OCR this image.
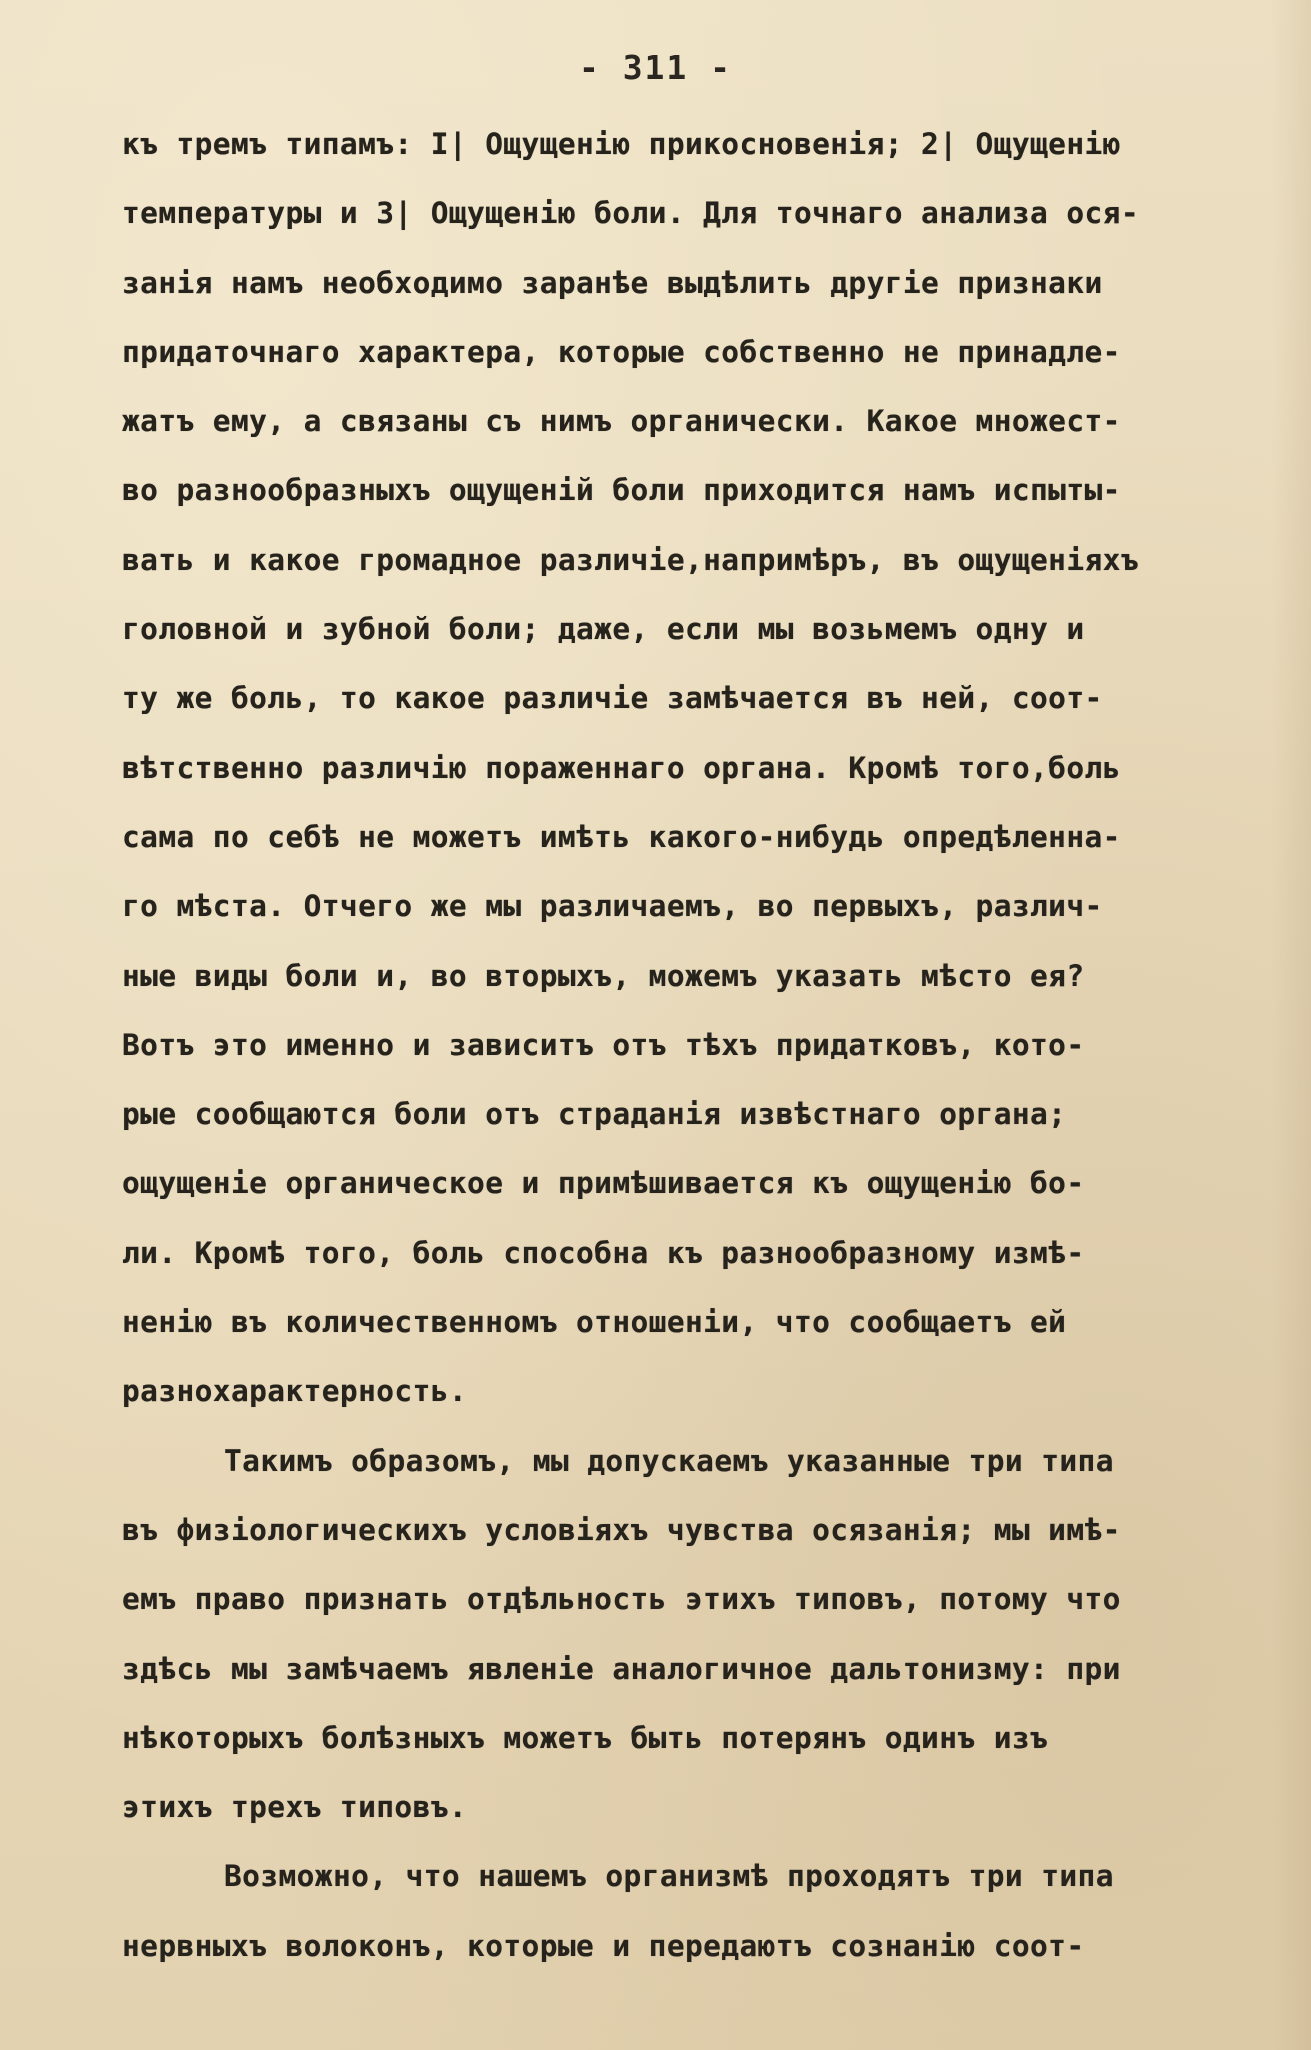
- 311 -
къ тремъ типамъ: I| Ощущенію прикосновенія; 2| Ощущенію
температуры и 3| Ощущенію боли. Для точнаго анализа ося-
занія намъ необходимо заранѣе выдѣлить другіе признаки
придаточнаго характера, которые собственно не принадле-
жатъ ему, а связаны съ нимъ органически. Какое множест-
во разнообразныхъ ощущеній боли приходится намъ испыты-
вать и какое громадное различіе,напримѣръ, въ ощущеніяхъ
головной и зубной боли; даже, если мы возьмемъ одну и
ту же боль, то какое различіе замѣчается въ ней, соот-
вѣтственно различію пораженнаго органа. Кромѣ того,боль
сама по себѣ не можетъ имѣть какого-нибудь опредѣленна-
го мѣста. Отчего же мы различаемъ, во первыхъ, различ-
ные виды боли и, во вторыхъ, можемъ указать мѣсто ея?
Вотъ это именно и зависитъ отъ тѣхъ придатковъ, кото-
рые сообщаются боли отъ страданія извѣстнаго органа;
ощущеніе органическое и примѣшивается къ ощущенію бо-
ли. Кромѣ того, боль способна къ разнообразному измѣ-
ненію въ количественномъ отношеніи, что сообщаетъ ей
разнохарактерность.
Такимъ образомъ, мы допускаемъ указанные три типа
въ физіологическихъ условіяхъ чувства осязанія; мы имѣ-
емъ право признать отдѣльность этихъ типовъ, потому что
здѣсь мы замѣчаемъ явленіе аналогичное дальтонизму: при
нѣкоторыхъ болѣзныхъ можетъ быть потерянъ одинъ изъ
этихъ трехъ типовъ.
Возможно, что нашемъ организмѣ проходятъ три типа
нервныхъ волоконъ, которые и передаютъ сознанію соот-
